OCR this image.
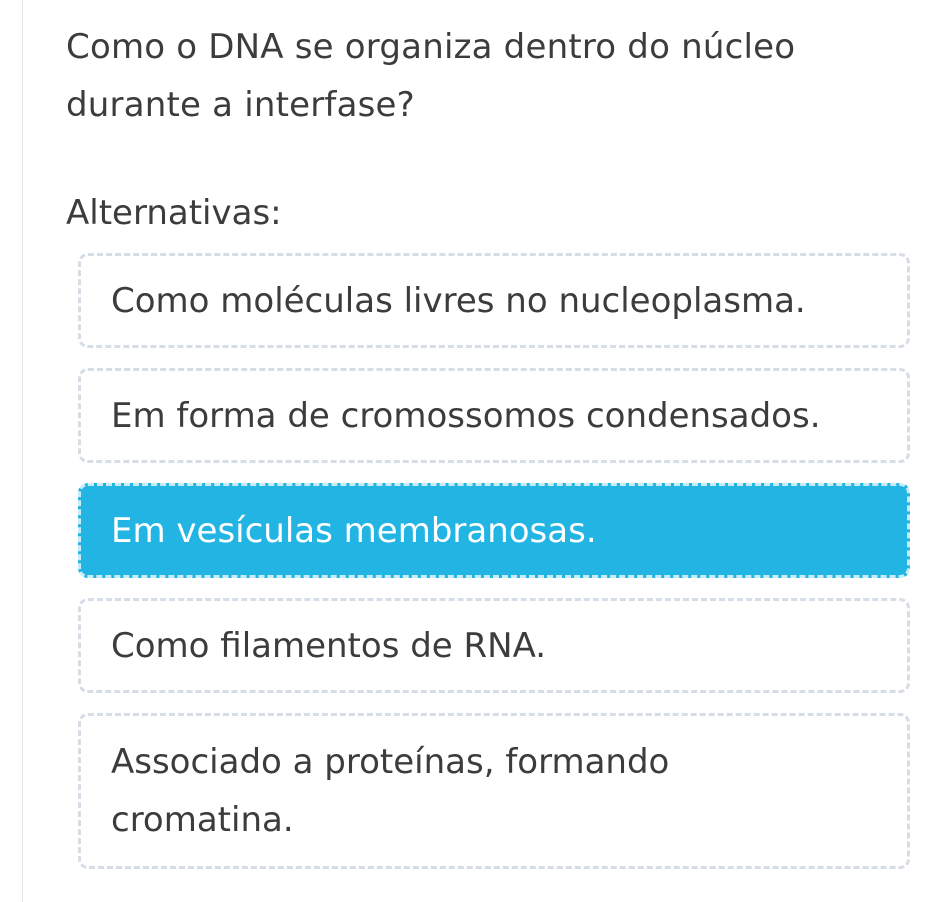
Como o DNA se organiza dentro do núcleo durante a interfase?
Alternativas:
Como moléculas livres no nucleoplasma.
Em forma de cromossomos condensados.
Em vesículas membranosas.
Como filamentos de RNA.
Associado a proteínas, formando cromatina.
